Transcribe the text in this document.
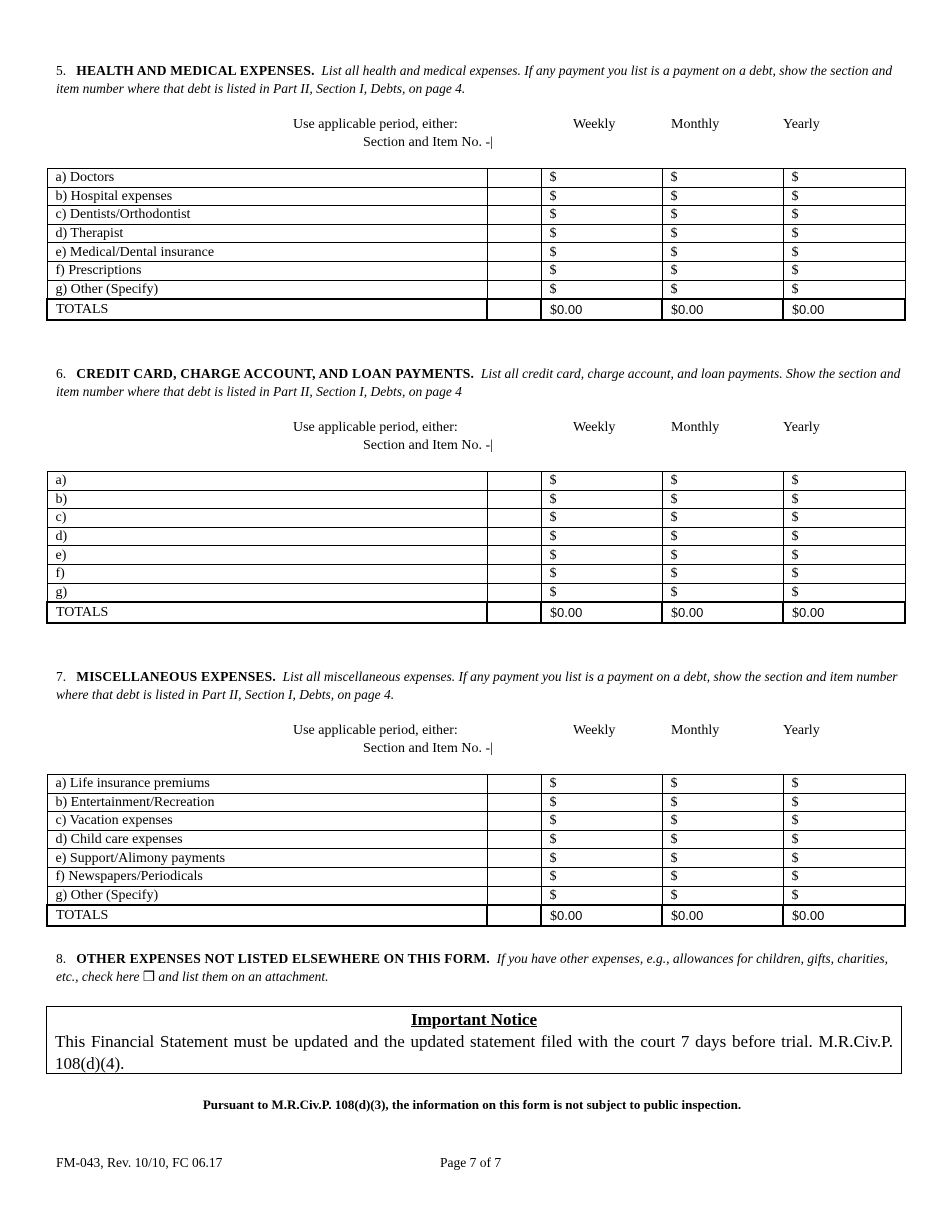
5. HEALTH AND MEDICAL EXPENSES. List all health and medical expenses. If any payment you list is a payment on a debt, show the section and item number where that debt is listed in Part II, Section I, Debts, on page 4.
Use applicable period, either:	Weekly	Monthly	Yearly
Section and Item No. -|
a) Doctors		$	$	$
b) Hospital expenses		$	$	$
c) Dentists/Orthodontist		$	$	$
d) Therapist		$	$	$
e) Medical/Dental insurance		$	$	$
f) Prescriptions		$	$	$
g) Other (Specify)		$	$	$
TOTALS		$0.00	$0.00	$0.00
6. CREDIT CARD, CHARGE ACCOUNT, AND LOAN PAYMENTS. List all credit card, charge account, and loan payments. Show the section and item number where that debt is listed in Part II, Section I, Debts, on page 4
Use applicable period, either:	Weekly	Monthly	Yearly
Section and Item No. -|
a)		$	$	$
b)		$	$	$
c)		$	$	$
d)		$	$	$
e)		$	$	$
f)		$	$	$
g)		$	$	$
TOTALS		$0.00	$0.00	$0.00
7. MISCELLANEOUS EXPENSES. List all miscellaneous expenses. If any payment you list is a payment on a debt, show the section and item number where that debt is listed in Part II, Section I, Debts, on page 4.
Use applicable period, either:	Weekly	Monthly	Yearly
Section and Item No. -|
a) Life insurance premiums		$	$	$
b) Entertainment/Recreation		$	$	$
c) Vacation expenses		$	$	$
d) Child care expenses		$	$	$
e) Support/Alimony payments		$	$	$
f) Newspapers/Periodicals		$	$	$
g) Other (Specify)		$	$	$
TOTALS		$0.00	$0.00	$0.00
8. OTHER EXPENSES NOT LISTED ELSEWHERE ON THIS FORM. If you have other expenses, e.g., allowances for children, gifts, charities, etc., check here ❒ and list them on an attachment.
Important Notice
This Financial Statement must be updated and the updated statement filed with the court 7 days before trial. M.R.Civ.P. 108(d)(4).
Pursuant to M.R.Civ.P. 108(d)(3), the information on this form is not subject to public inspection.
FM-043, Rev. 10/10, FC 06.17	Page 7 of 7
